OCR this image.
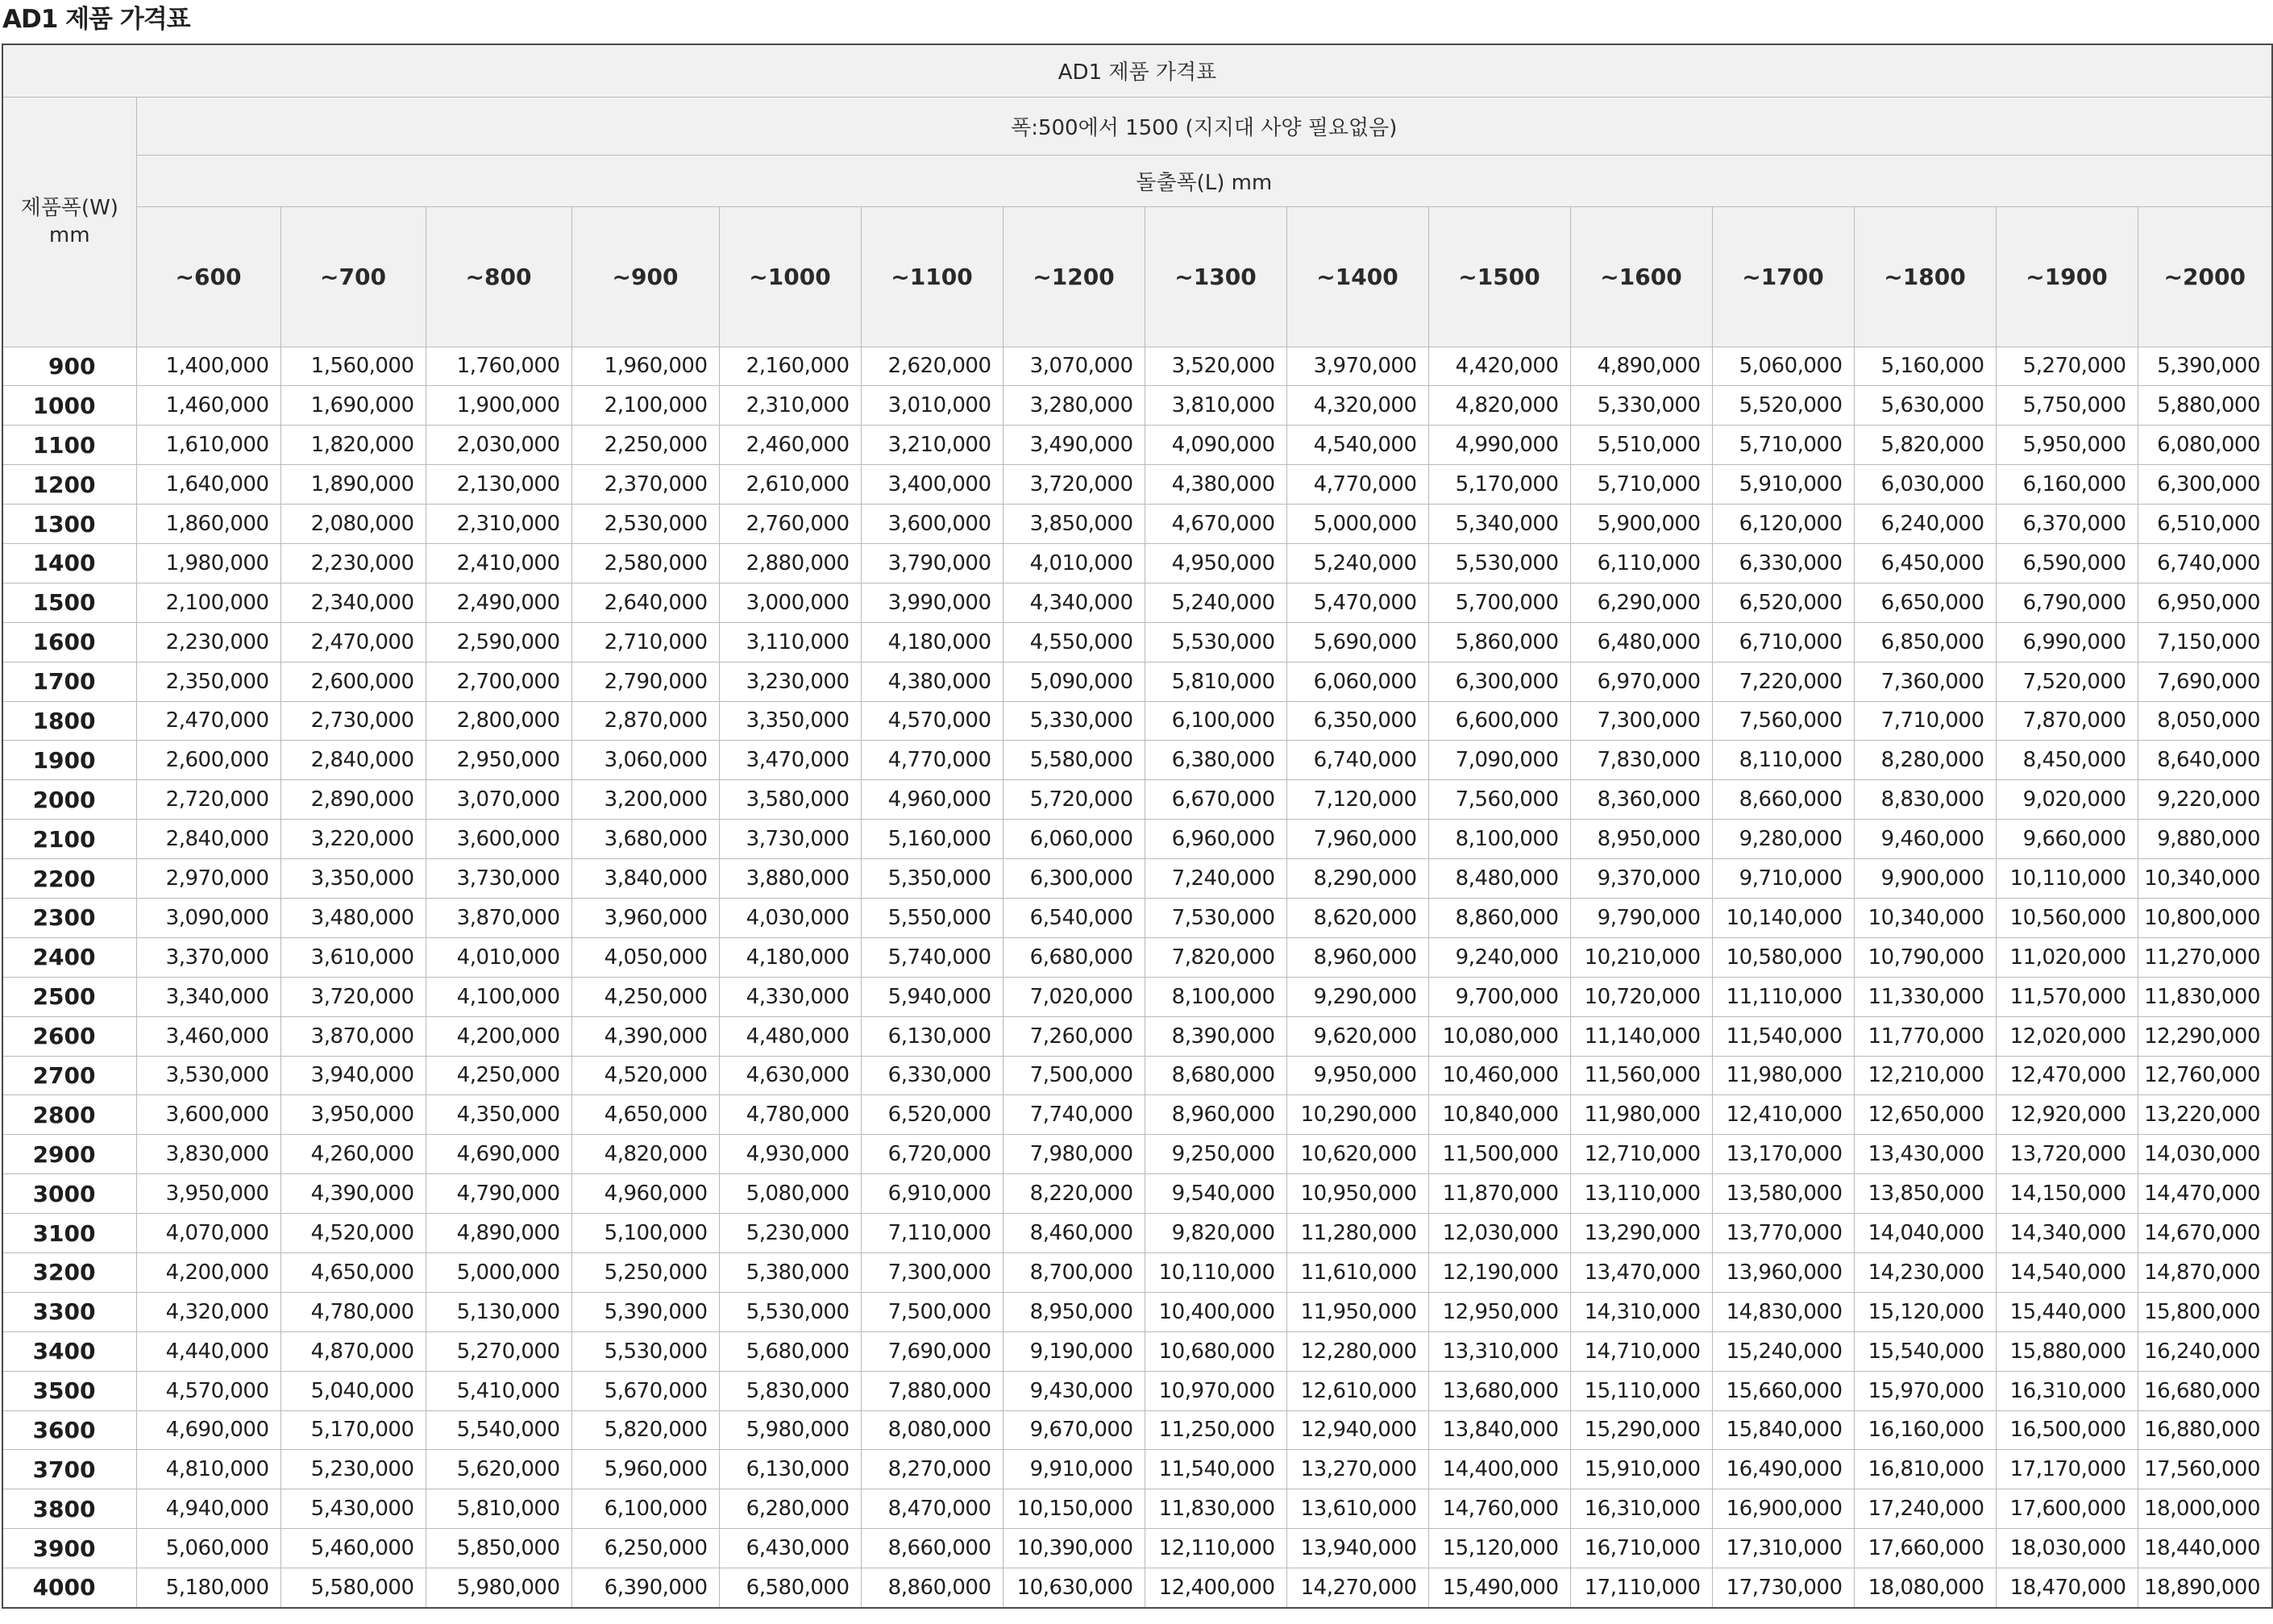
AD1 제품 가격표
AD1 제품 가격표															

제품폭(W)
mm	폭:500에서 1500 (지지대 사양 필요없음)														
	돌출폭(L) mm														
	~600	~700	~800	~900	~1000	~1100	~1200	~1300	~1400	~1500	~1600	~1700	~1800	~1900	~2000
900	1,400,000	1,560,000	1,760,000	1,960,000	2,160,000	2,620,000	3,070,000	3,520,000	3,970,000	4,420,000	4,890,000	5,060,000	5,160,000	5,270,000	5,390,000
1000	1,460,000	1,690,000	1,900,000	2,100,000	2,310,000	3,010,000	3,280,000	3,810,000	4,320,000	4,820,000	5,330,000	5,520,000	5,630,000	5,750,000	5,880,000
1100	1,610,000	1,820,000	2,030,000	2,250,000	2,460,000	3,210,000	3,490,000	4,090,000	4,540,000	4,990,000	5,510,000	5,710,000	5,820,000	5,950,000	6,080,000
1200	1,640,000	1,890,000	2,130,000	2,370,000	2,610,000	3,400,000	3,720,000	4,380,000	4,770,000	5,170,000	5,710,000	5,910,000	6,030,000	6,160,000	6,300,000
1300	1,860,000	2,080,000	2,310,000	2,530,000	2,760,000	3,600,000	3,850,000	4,670,000	5,000,000	5,340,000	5,900,000	6,120,000	6,240,000	6,370,000	6,510,000
1400	1,980,000	2,230,000	2,410,000	2,580,000	2,880,000	3,790,000	4,010,000	4,950,000	5,240,000	5,530,000	6,110,000	6,330,000	6,450,000	6,590,000	6,740,000
1500	2,100,000	2,340,000	2,490,000	2,640,000	3,000,000	3,990,000	4,340,000	5,240,000	5,470,000	5,700,000	6,290,000	6,520,000	6,650,000	6,790,000	6,950,000
1600	2,230,000	2,470,000	2,590,000	2,710,000	3,110,000	4,180,000	4,550,000	5,530,000	5,690,000	5,860,000	6,480,000	6,710,000	6,850,000	6,990,000	7,150,000
1700	2,350,000	2,600,000	2,700,000	2,790,000	3,230,000	4,380,000	5,090,000	5,810,000	6,060,000	6,300,000	6,970,000	7,220,000	7,360,000	7,520,000	7,690,000
1800	2,470,000	2,730,000	2,800,000	2,870,000	3,350,000	4,570,000	5,330,000	6,100,000	6,350,000	6,600,000	7,300,000	7,560,000	7,710,000	7,870,000	8,050,000
1900	2,600,000	2,840,000	2,950,000	3,060,000	3,470,000	4,770,000	5,580,000	6,380,000	6,740,000	7,090,000	7,830,000	8,110,000	8,280,000	8,450,000	8,640,000
2000	2,720,000	2,890,000	3,070,000	3,200,000	3,580,000	4,960,000	5,720,000	6,670,000	7,120,000	7,560,000	8,360,000	8,660,000	8,830,000	9,020,000	9,220,000
2100	2,840,000	3,220,000	3,600,000	3,680,000	3,730,000	5,160,000	6,060,000	6,960,000	7,960,000	8,100,000	8,950,000	9,280,000	9,460,000	9,660,000	9,880,000
2200	2,970,000	3,350,000	3,730,000	3,840,000	3,880,000	5,350,000	6,300,000	7,240,000	8,290,000	8,480,000	9,370,000	9,710,000	9,900,000	10,110,000	10,340,000
2300	3,090,000	3,480,000	3,870,000	3,960,000	4,030,000	5,550,000	6,540,000	7,530,000	8,620,000	8,860,000	9,790,000	10,140,000	10,340,000	10,560,000	10,800,000
2400	3,370,000	3,610,000	4,010,000	4,050,000	4,180,000	5,740,000	6,680,000	7,820,000	8,960,000	9,240,000	10,210,000	10,580,000	10,790,000	11,020,000	11,270,000
2500	3,340,000	3,720,000	4,100,000	4,250,000	4,330,000	5,940,000	7,020,000	8,100,000	9,290,000	9,700,000	10,720,000	11,110,000	11,330,000	11,570,000	11,830,000
2600	3,460,000	3,870,000	4,200,000	4,390,000	4,480,000	6,130,000	7,260,000	8,390,000	9,620,000	10,080,000	11,140,000	11,540,000	11,770,000	12,020,000	12,290,000
2700	3,530,000	3,940,000	4,250,000	4,520,000	4,630,000	6,330,000	7,500,000	8,680,000	9,950,000	10,460,000	11,560,000	11,980,000	12,210,000	12,470,000	12,760,000
2800	3,600,000	3,950,000	4,350,000	4,650,000	4,780,000	6,520,000	7,740,000	8,960,000	10,290,000	10,840,000	11,980,000	12,410,000	12,650,000	12,920,000	13,220,000
2900	3,830,000	4,260,000	4,690,000	4,820,000	4,930,000	6,720,000	7,980,000	9,250,000	10,620,000	11,500,000	12,710,000	13,170,000	13,430,000	13,720,000	14,030,000
3000	3,950,000	4,390,000	4,790,000	4,960,000	5,080,000	6,910,000	8,220,000	9,540,000	10,950,000	11,870,000	13,110,000	13,580,000	13,850,000	14,150,000	14,470,000
3100	4,070,000	4,520,000	4,890,000	5,100,000	5,230,000	7,110,000	8,460,000	9,820,000	11,280,000	12,030,000	13,290,000	13,770,000	14,040,000	14,340,000	14,670,000
3200	4,200,000	4,650,000	5,000,000	5,250,000	5,380,000	7,300,000	8,700,000	10,110,000	11,610,000	12,190,000	13,470,000	13,960,000	14,230,000	14,540,000	14,870,000
3300	4,320,000	4,780,000	5,130,000	5,390,000	5,530,000	7,500,000	8,950,000	10,400,000	11,950,000	12,950,000	14,310,000	14,830,000	15,120,000	15,440,000	15,800,000
3400	4,440,000	4,870,000	5,270,000	5,530,000	5,680,000	7,690,000	9,190,000	10,680,000	12,280,000	13,310,000	14,710,000	15,240,000	15,540,000	15,880,000	16,240,000
3500	4,570,000	5,040,000	5,410,000	5,670,000	5,830,000	7,880,000	9,430,000	10,970,000	12,610,000	13,680,000	15,110,000	15,660,000	15,970,000	16,310,000	16,680,000
3600	4,690,000	5,170,000	5,540,000	5,820,000	5,980,000	8,080,000	9,670,000	11,250,000	12,940,000	13,840,000	15,290,000	15,840,000	16,160,000	16,500,000	16,880,000
3700	4,810,000	5,230,000	5,620,000	5,960,000	6,130,000	8,270,000	9,910,000	11,540,000	13,270,000	14,400,000	15,910,000	16,490,000	16,810,000	17,170,000	17,560,000
3800	4,940,000	5,430,000	5,810,000	6,100,000	6,280,000	8,470,000	10,150,000	11,830,000	13,610,000	14,760,000	16,310,000	16,900,000	17,240,000	17,600,000	18,000,000
3900	5,060,000	5,460,000	5,850,000	6,250,000	6,430,000	8,660,000	10,390,000	12,110,000	13,940,000	15,120,000	16,710,000	17,310,000	17,660,000	18,030,000	18,440,000
4000	5,180,000	5,580,000	5,980,000	6,390,000	6,580,000	8,860,000	10,630,000	12,400,000	14,270,000	15,490,000	17,110,000	17,730,000	18,080,000	18,470,000	18,890,000
